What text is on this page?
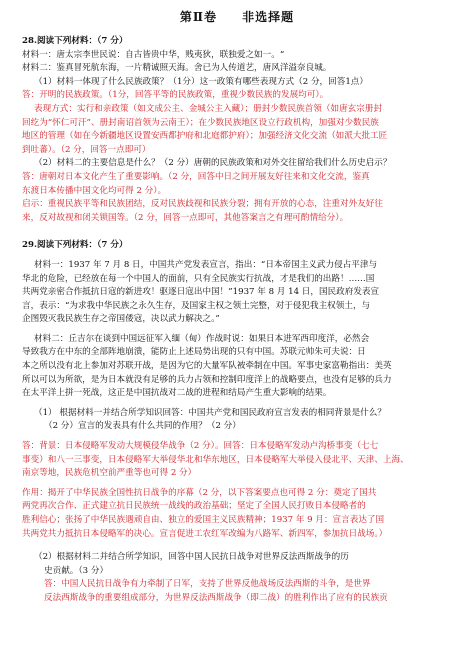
第Ⅱ卷 非选择题
28.阅读下列材料：（7 分）
材料一：唐太宗李世民说：自古皆贵中华，贱夷狄，联独爱之如一。“
材料二：鉴真冒死航东海，一片精诚照天海。舍已为人传道艺，唐风洋溢奈良城。
（1）材料一体现了什么民族政策？（1分）这一政策有哪些表现方式（2 分，回答1点）
答：开明的民族政策。（1分，回答平等的民族政策，重视少数民族的发展均可）。
表现方式：实行和亲政策（如文成公主、金城公主入藏）；册封少数民族首领（如唐玄宗册封
回纥为“怀仁可汗”、册封南诏首领为云南王）；在少数民族地区设立行政机构，加强对少数民族
地区的管理（如在今新疆地区设置安西都护府和北庭都护府）；加强经济文化交流（如派大批工匠
到吐蕃）。（2 分，回答一点即可）
（2）材料二的主要信息是什么？（2 分）唐朝的民族政策和对外交往留给我们什么历史启示？
答：唐朝对日本文化产生了重要影响。（2 分，回答中日之间开展友好往来和文化交流，鉴真
东渡日本传播中国文化均可得 2 分）。
启示：重视民族平等和民族团结，反对民族歧视和民族分裂；拥有开放的心态，注重对外友好往
来，反对故视和闭关锁国等。（2 分，回答一点即可，其他答案言之有理可酌情给分）。
29.阅读下列材料：（7 分）
材料一：1937 年 7 月 8 日，中国共产党发表宣言，指出：“日本帝国主义武力侵占平津与
华北的危险，已经放在每一个中国人的面前，只有全民族实行抗战，才是我们的出路！……国
共两党亲密合作抵抗日寇的新进攻！驱逐日寇出中国！”1937 年 8 月 14 日，国民政府发表宣
言，表示：“为求我中华民族之永久生存，及国家主权之领土完整，对于侵犯我主权领土，与
企图毁灭我民族生存之帝国倭寇，决以武力解决之。”
材料二：丘吉尔在谈到中国远征军入缅（甸）作战时说：如果日本进军西印度洋，必然会
导致我方在中东的全部阵地崩溃，能防止上述局势出现的只有中国。苏联元帅朱可夫说：日
本之所以没有北上参加对苏联开战，是因为它的大量军队被牵制在中国。军事史家富勒指出：美英
所以可以为所欲，是为日本就没有足够的兵力占领和控制印度洋上的战略要点，也没有足够的兵力
在太平洋上拼一死战，这正是中国抗战对二战的进程和结局产生重大影响的结果。
（1） 根据材料一并结合所学知识回答：中国共产党和国民政府宣言发表的相同背景是什么？
（2 分）宣言的发表具有什么共同的作用？（2 分）
答：背景：日本侵略军发动大规模侵华战争（2 分）。回答：日本侵略军发动卢沟桥事变（七七
事变）和八一三事变，日本侵略军大举侵华北和华东地区，日本侵略军大举侵入侵北平、天津、上海、
南京等地，民族危机空前严重等也可得 2 分）
作用：揭开了中华民族全国性抗日战争的序幕（2 分，以下答案要点也可得 2 分：奠定了国共
两党再次合作、正式建立抗日民族统一战线的政治基础；坚定了全国人民打败日本侵略者的
胜利信心；张扬了中华民族遇顽自由、独立的爱国主义民族精神；1937 年 9 月：宣言表达了国
共两党共力抵抗日本侵略军的决心。宣言促进工农红军改编为八路军、新四军，参加抗日战场。）
（2）根据材料二并结合所学知识，回答中国人民抗日战争对世界反法西斯战争的历
史贡献。（3 分）
答：中国人民抗日战争有力牵制了日军，支持了世界反他战场反法西斯的斗争，是世界
反法西斯战争的重要组成部分，为世界反法西斯战争（即二战）的胜利作出了应有的民族贡
